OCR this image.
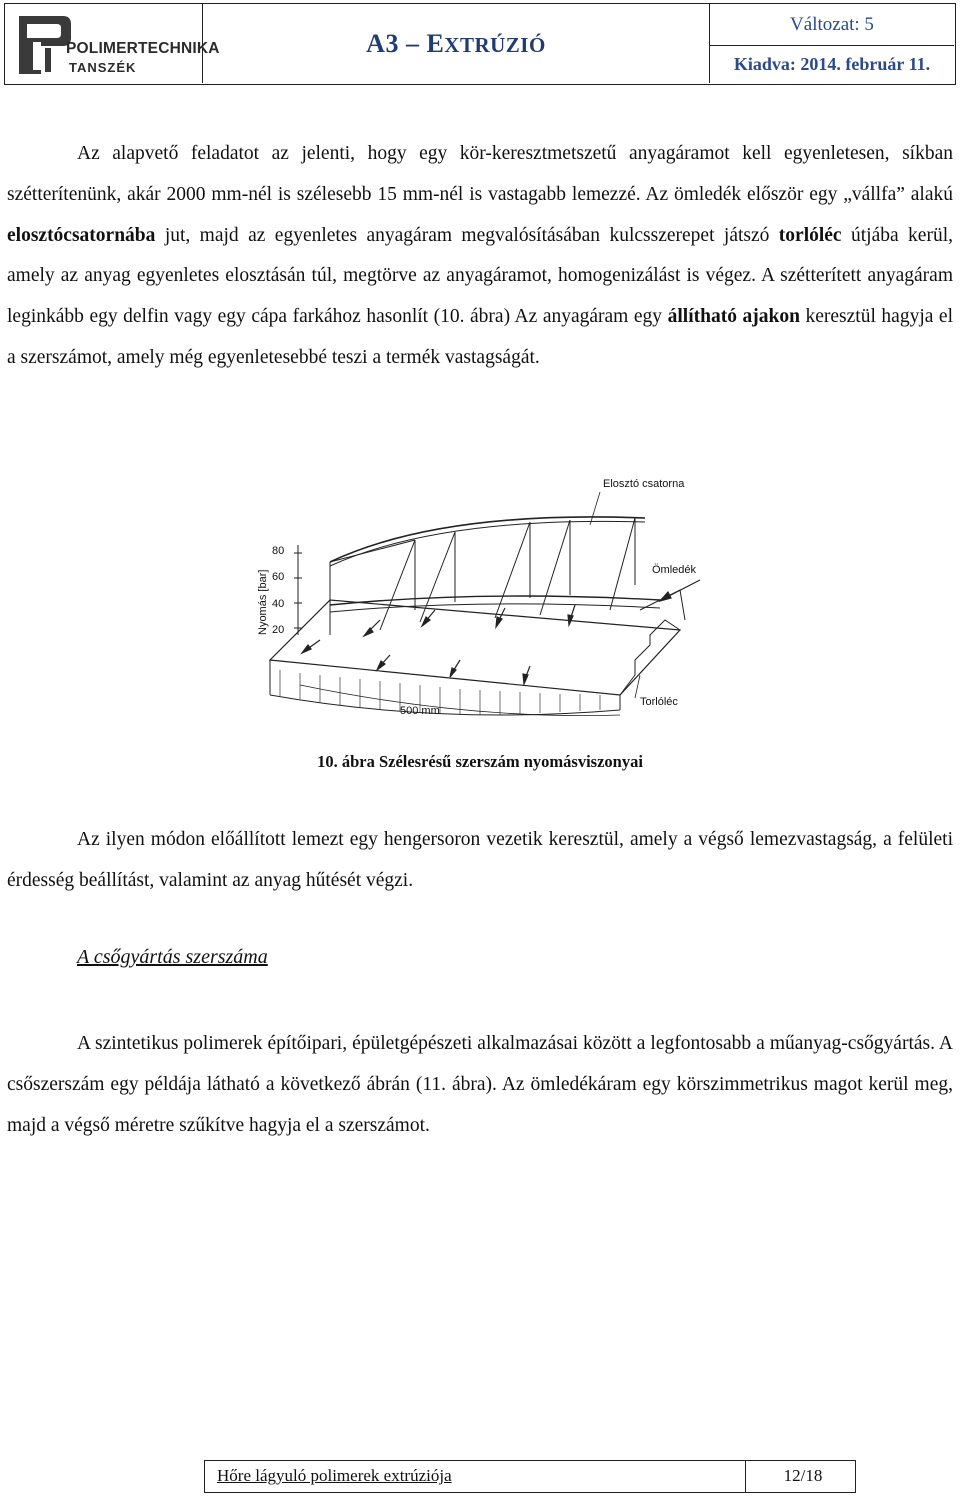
POLIMERTECHNIKA
TANSZÉK
A3 – EXTRÚZIÓ
Változat: 5
Kiadva: 2014. február 11.

Az alapvető feladatot az jelenti, hogy egy kör-keresztmetszetű anyagáramot kell egyenletesen, síkban szétterítenünk, akár 2000 mm-nél is szélesebb 15 mm-nél is vastagabb lemezzé. Az ömledék először egy „vállfa” alakú elosztócsatornába jut, majd az egyenletes anyagáram megvalósításában kulcsszerepet játszó torlóléc útjába kerül, amely az anyag egyenletes elosztásán túl, megtörve az anyagáramot, homogenizálást is végez. A szétterített anyagáram leginkább egy delfin vagy egy cápa farkához hasonlít (10. ábra) Az anyagáram egy állítható ajakon keresztül hagyja el a szerszámot, amely még egyenletesebbé teszi a termék vastagságát.

80
60
40
20
Nyomás [bar]
500 mm
Elosztó csatorna
Ömledék
Torlóléc
10. ábra Szélesrésű szerszám nyomásviszonyai

Az ilyen módon előállított lemezt egy hengersoron vezetik keresztül, amely a végső lemezvastagság, a felületi érdesség beállítást, valamint az anyag hűtését végzi.

A csőgyártás szerszáma

A szintetikus polimerek építőipari, épületgépészeti alkalmazásai között a legfontosabb a műanyag-csőgyártás. A csőszerszám egy példája látható a következő ábrán (11. ábra). Az ömledékáram egy körszimmetrikus magot kerül meg, majd a végső méretre szűkítve hagyja el a szerszámot.

Hőre lágyuló polimerek extrúziója	12/18
